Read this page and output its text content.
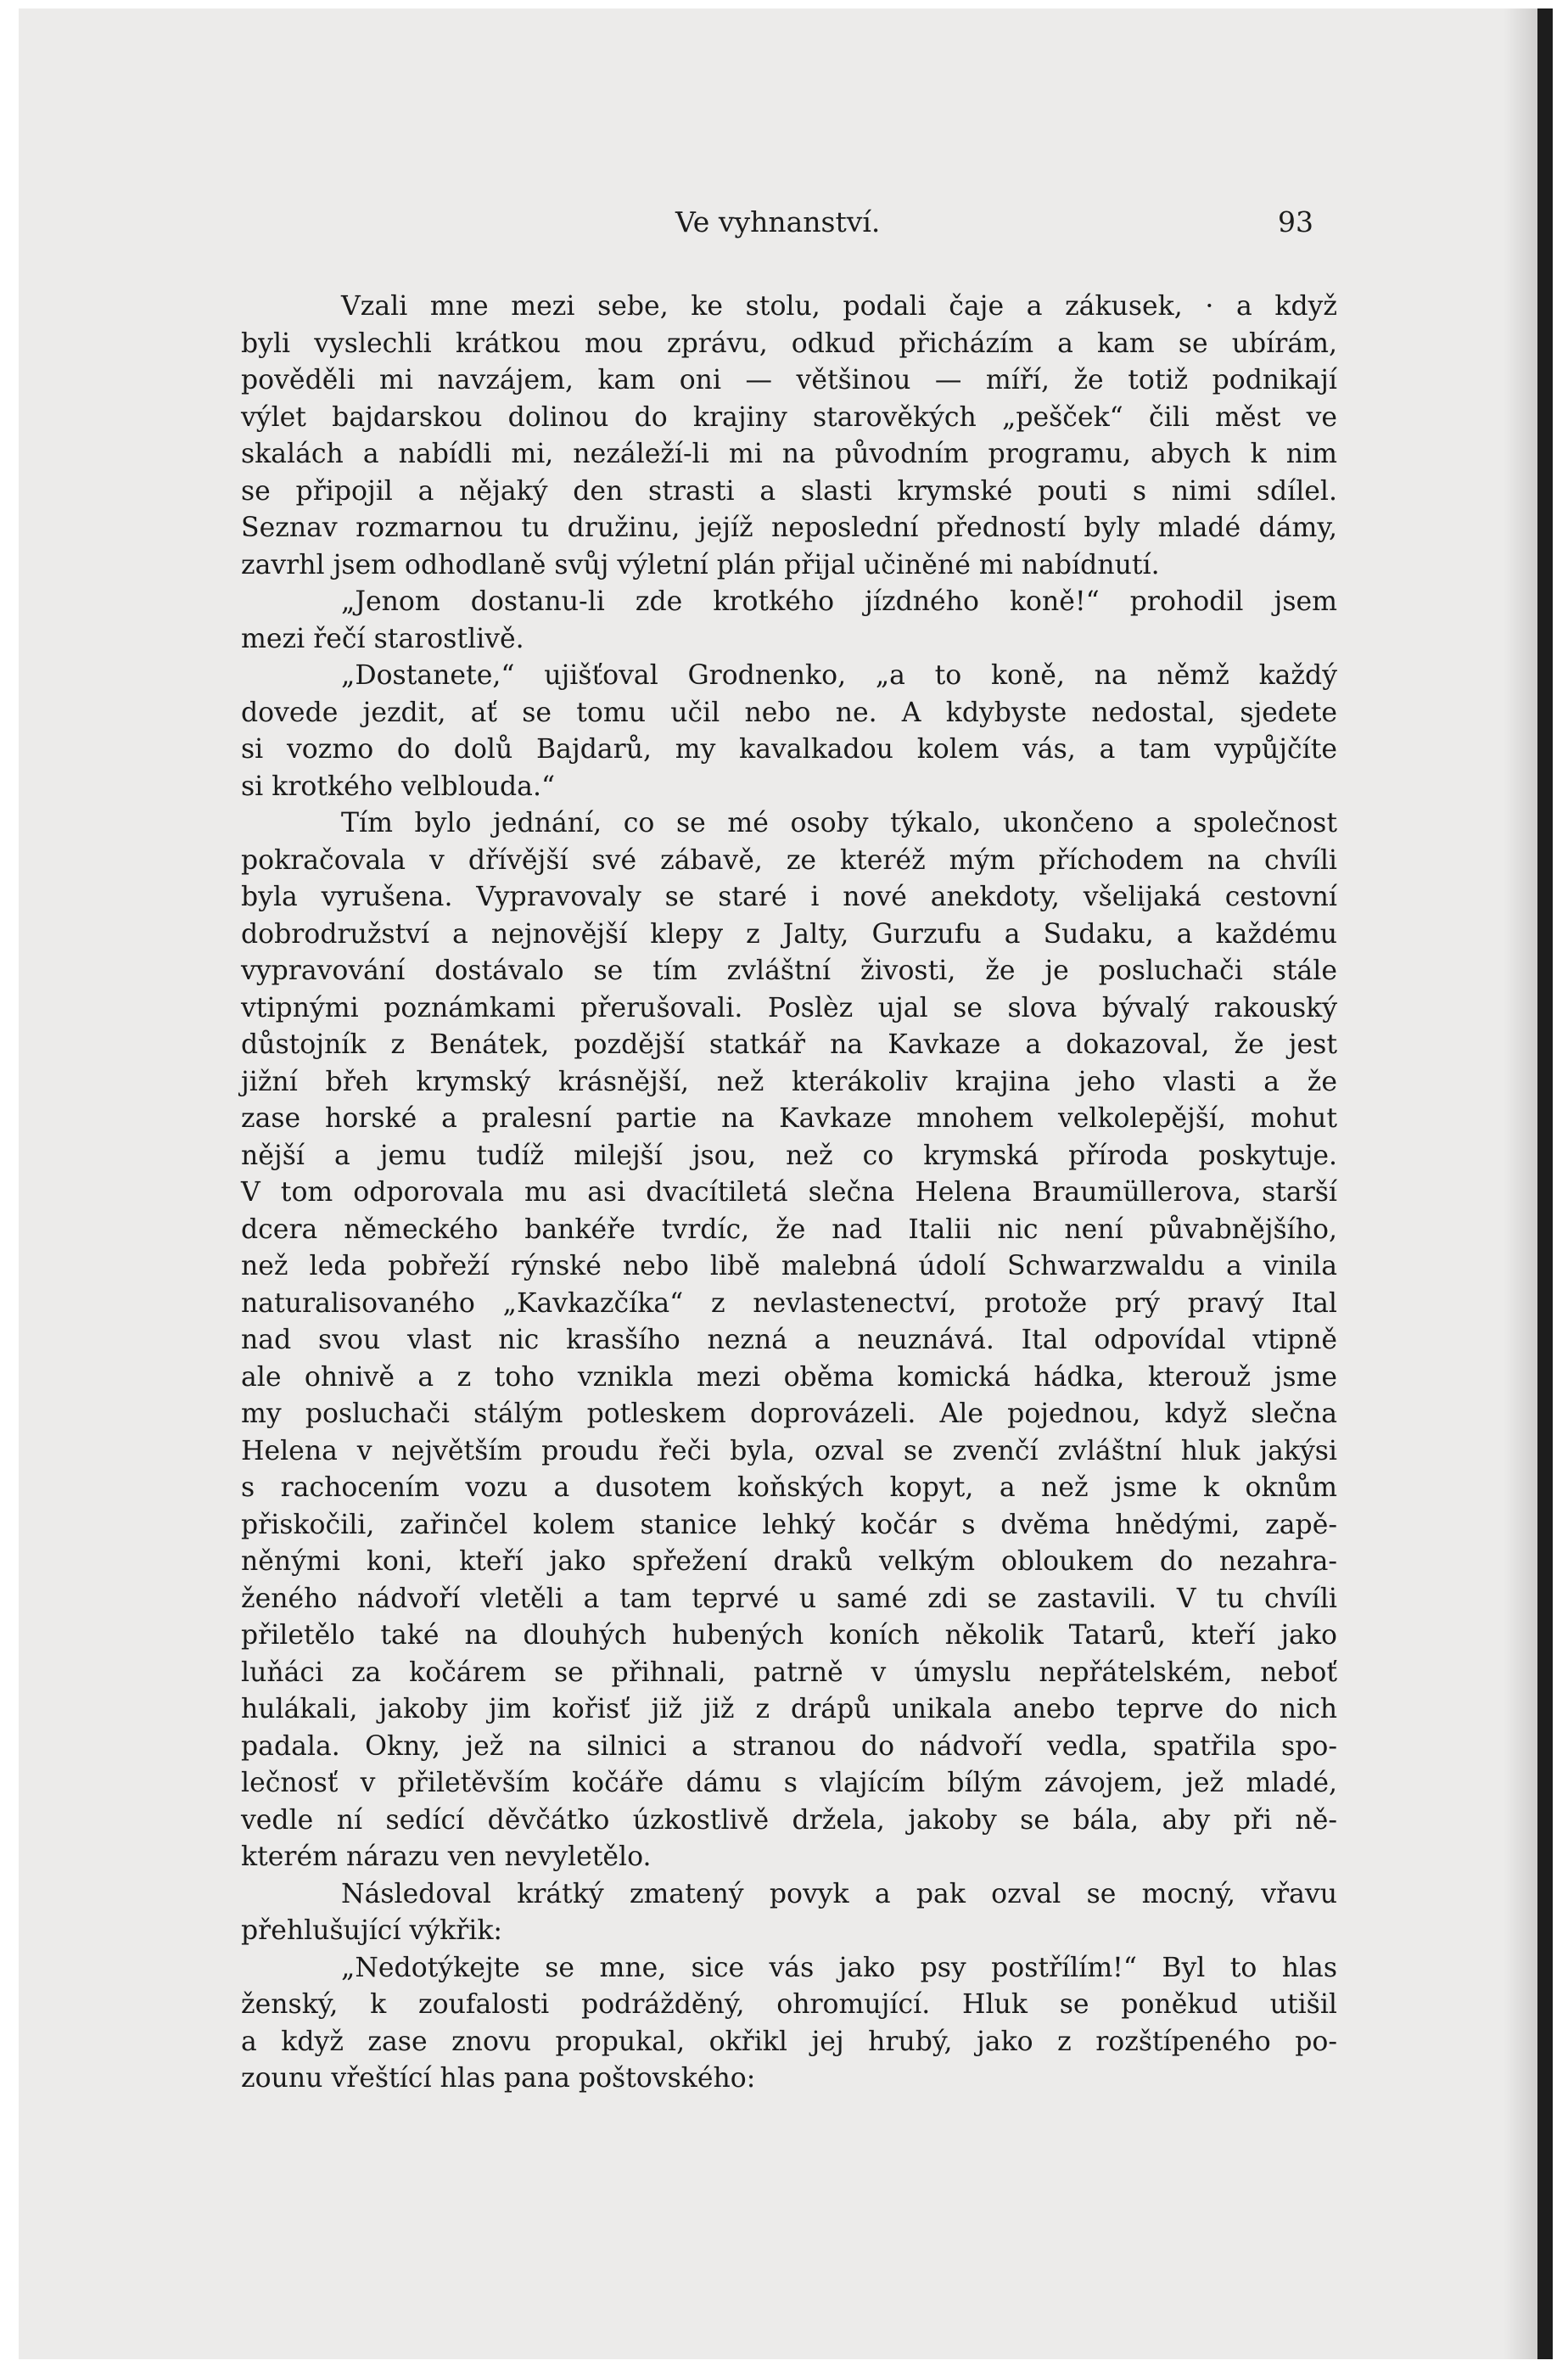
Ve vyhnanství.	93
Vzali mne mezi sebe, ke stolu, podali čaje a zákusek, · a když
byli vyslechli krátkou mou zprávu, odkud přicházím a kam se ubírám,
pověděli mi navzájem, kam oni — většinou — míří, že totiž podnikají
výlet bajdarskou dolinou do krajiny starověkých „pešček“ čili měst ve
skalách a nabídli mi, nezáleží-li mi na původním programu, abych k nim
se připojil a nějaký den strasti a slasti krymské pouti s nimi sdílel.
Seznav rozmarnou tu družinu, jejíž neposlední předností byly mladé dámy,
zavrhl jsem odhodlaně svůj výletní plán přijal učiněné mi nabídnutí.
„Jenom dostanu-li zde krotkého jízdného koně!“ prohodil jsem
mezi řečí starostlivě.
„Dostanete,“ ujišťoval Grodnenko, „a to koně, na němž každý
dovede jezdit, ať se tomu učil nebo ne. A kdybyste nedostal, sjedete
si vozmo do dolů Bajdarů, my kavalkadou kolem vás, a tam vypůjčíte
si krotkého velblouda.“
Tím bylo jednání, co se mé osoby týkalo, ukončeno a společnost
pokračovala v dřívější své zábavě, ze kteréž mým příchodem na chvíli
byla vyrušena. Vypravovaly se staré i nové anekdoty, všelijaká cestovní
dobrodružství a nejnovější klepy z Jalty, Gurzufu a Sudaku, a každému
vypravování dostávalo se tím zvláštní živosti, že je posluchači stále
vtipnými poznámkami přerušovali. Poslèz ujal se slova bývalý rakouský
důstojník z Benátek, pozdější statkář na Kavkaze a dokazoval, že jest
jižní břeh krymský krásnější, než kterákoliv krajina jeho vlasti a že
zase horské a pralesní partie na Kavkaze mnohem velkolepější, mohut
nější a jemu tudíž milejší jsou, než co krymská příroda poskytuje.
V tom odporovala mu asi dvacítiletá slečna Helena Braumüllerova, starší
dcera německého bankéře tvrdíc, že nad Italii nic není půvabnějšího,
než leda pobřeží rýnské nebo libě malebná údolí Schwarzwaldu a vinila
naturalisovaného „Kavkazčíka“ z nevlastenectví, protože prý pravý Ital
nad svou vlast nic krasšího nezná a neuznává. Ital odpovídal vtipně
ale ohnivě a z toho vznikla mezi oběma komická hádka, kterouž jsme
my posluchači stálým potleskem doprovázeli. Ale pojednou, když slečna
Helena v největším proudu řeči byla, ozval se zvenčí zvláštní hluk jakýsi
s rachocením vozu a dusotem koňských kopyt, a než jsme k oknům
přiskočili, zařinčel kolem stanice lehký kočár s dvěma hnědými, zapě-
něnými koni, kteří jako spřežení draků velkým obloukem do nezahra-
ženého nádvoří vletěli a tam teprvé u samé zdi se zastavili. V tu chvíli
přiletělo také na dlouhých hubených koních několik Tatarů, kteří jako
luňáci za kočárem se přihnali, patrně v úmyslu nepřátelském, neboť
hulákali, jakoby jim kořisť již již z drápů unikala anebo teprve do nich
padala. Okny, jež na silnici a stranou do nádvoří vedla, spatřila spo-
lečnosť v přiletěvším kočáře dámu s vlajícím bílým závojem, jež mladé,
vedle ní sedící děvčátko úzkostlivě držela, jakoby se bála, aby při ně-
kterém nárazu ven nevyletělo.
Následoval krátký zmatený povyk a pak ozval se mocný, vřavu
přehlušující výkřik:
„Nedotýkejte se mne, sice vás jako psy postřílím!“ Byl to hlas
ženský, k zoufalosti podrážděný, ohromující. Hluk se poněkud utišil
a když zase znovu propukal, okřikl jej hrubý, jako z rozštípeného po-
zounu vřeštící hlas pana poštovského:
